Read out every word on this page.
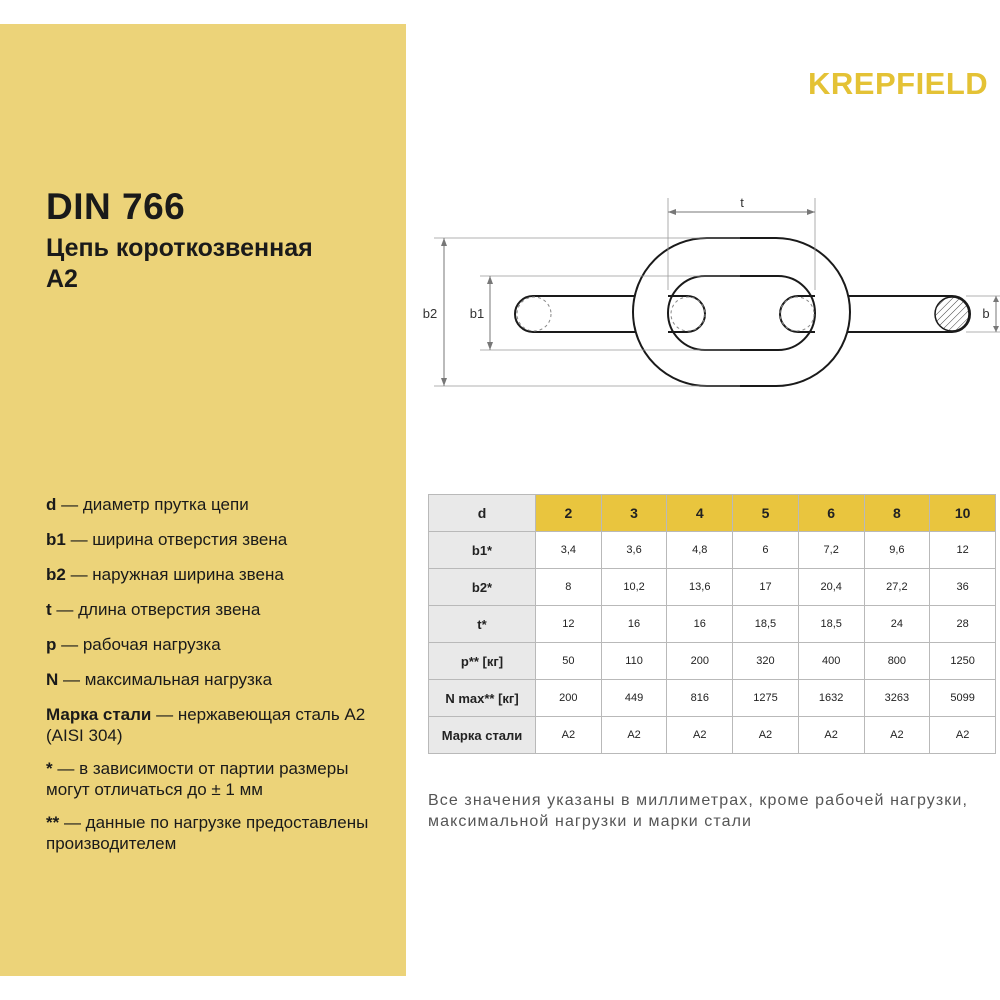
DIN 766
Цепь короткозвенная
A2
d — диаметр прутка цепи
b1 — ширина отверстия звена
b2 — наружная ширина звена
t — длина отверстия звена
p — рабочая нагрузка
N — максимальная нагрузка
Марка стали — нержавеющая сталь A2 (AISI 304)
* — в зависимости от партии размеры могут отличаться до ± 1 мм
** — данные по нагрузке предоставлены производителем
KREPFIELD
t
b2	b1	b
d	2	3	4	5	6	8	10
b1*	3,4	3,6	4,8	6	7,2	9,6	12
b2*	8	10,2	13,6	17	20,4	27,2	36
t*	12	16	16	18,5	18,5	24	28
p** [кг]	50	110	200	320	400	800	1250
N max** [кг]	200	449	816	1275	1632	3263	5099
Марка стали	A2	A2	A2	A2	A2	A2	A2

Все значения указаны в миллиметрах, кроме рабочей нагрузки, максимальной нагрузки и марки стали
